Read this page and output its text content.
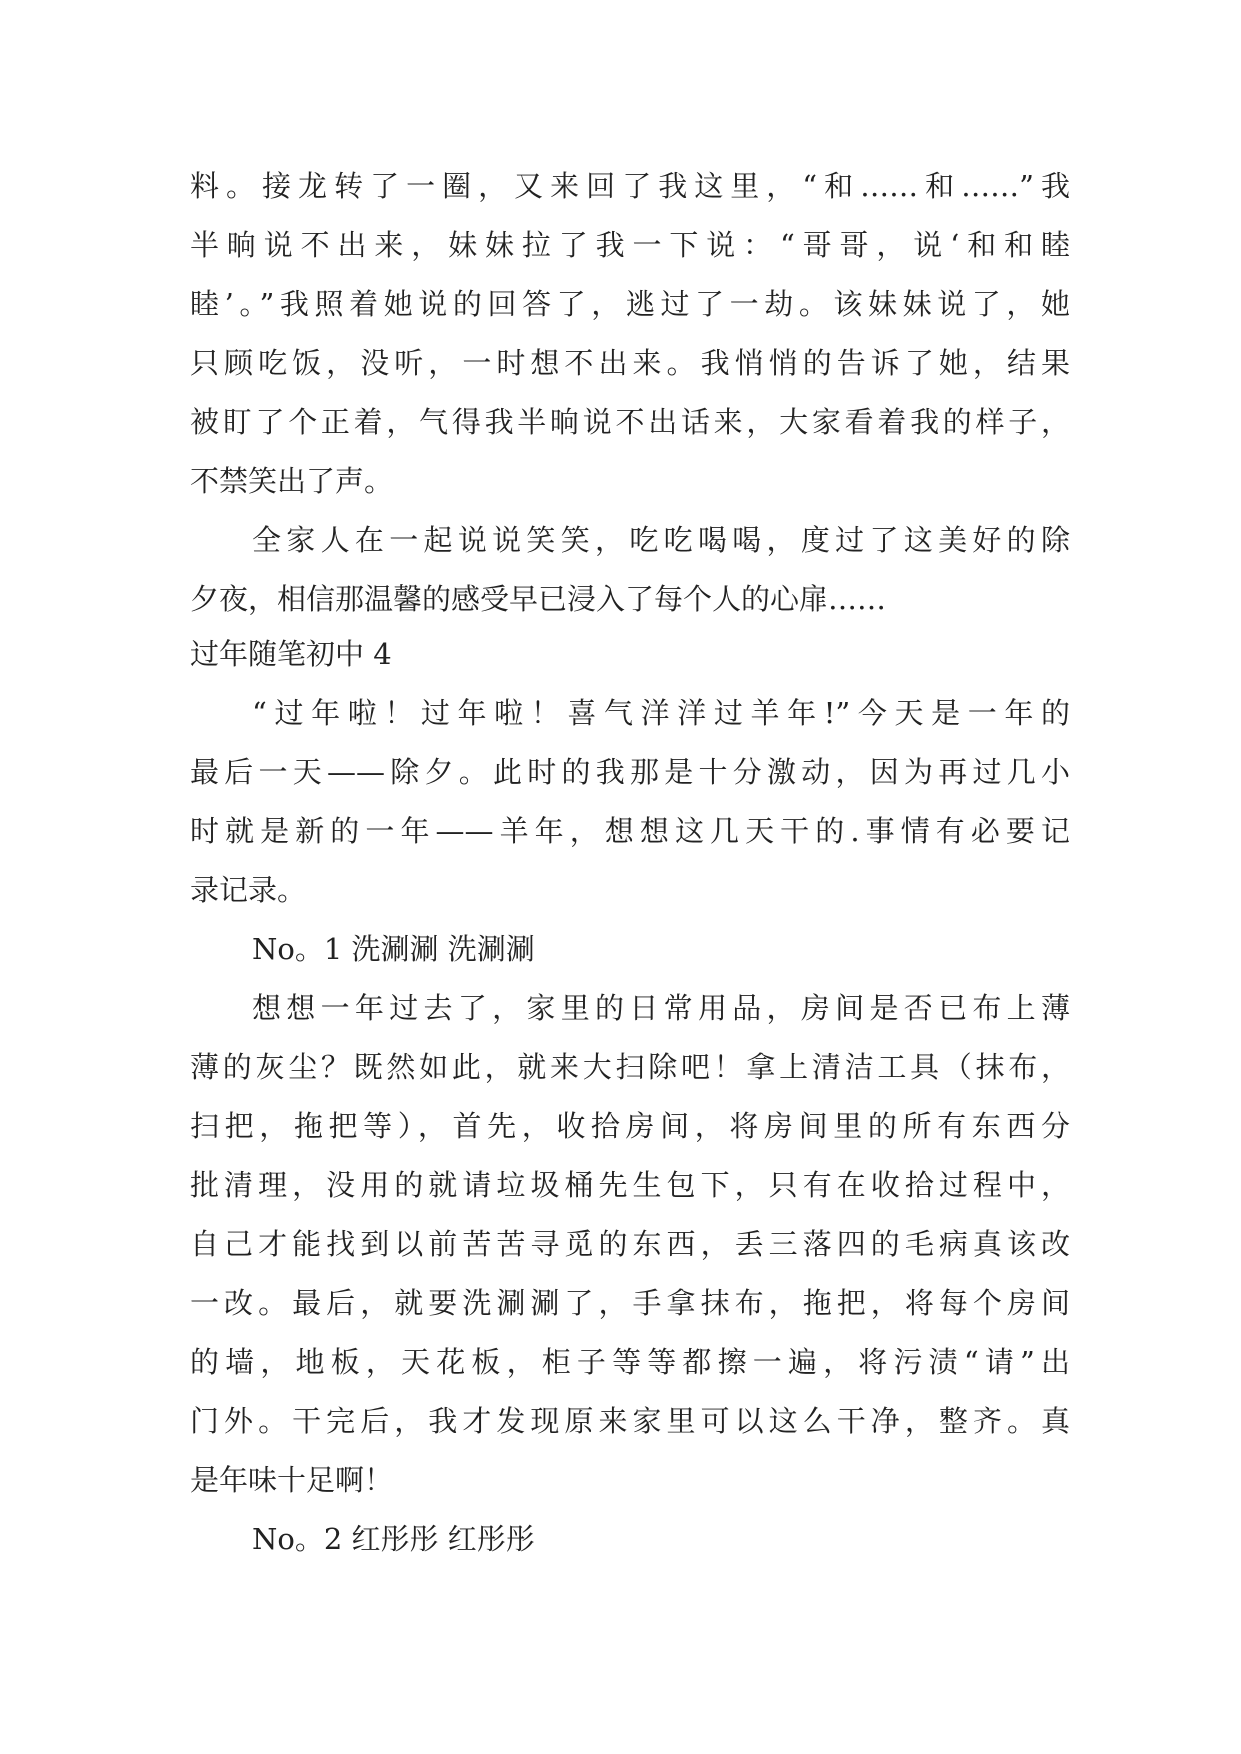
料。接龙转了一圈，又来回了我这里，“和……和……”我
半晌说不出来，妹妹拉了我一下说：“哥哥，说‘和和睦
睦’。”我照着她说的回答了，逃过了一劫。该妹妹说了，她
只顾吃饭，没听，一时想不出来。我悄悄的告诉了她，结果
被盯了个正着，气得我半晌说不出话来，大家看着我的样子，
不禁笑出了声。
全家人在一起说说笑笑，吃吃喝喝，度过了这美好的除
夕夜，相信那温馨的感受早已浸入了每个人的心扉……
过年随笔初中 4
“过年啦！过年啦！喜气洋洋过羊年!”今天是一年的
最后一天——除夕。此时的我那是十分激动，因为再过几小
时就是新的一年——羊年，想想这几天干的.事情有必要记
录记录。
No。1 洗涮涮 洗涮涮
想想一年过去了，家里的日常用品，房间是否已布上薄
薄的灰尘？既然如此，就来大扫除吧！拿上清洁工具（抹布，
扫把，拖把等），首先，收拾房间，将房间里的所有东西分
批清理，没用的就请垃圾桶先生包下，只有在收拾过程中，
自己才能找到以前苦苦寻觅的东西，丢三落四的毛病真该改
一改。最后，就要洗涮涮了，手拿抹布，拖把，将每个房间
的墙，地板，天花板，柜子等等都擦一遍，将污渍“请”出
门外。干完后，我才发现原来家里可以这么干净，整齐。真
是年味十足啊！
No。2 红彤彤 红彤彤
